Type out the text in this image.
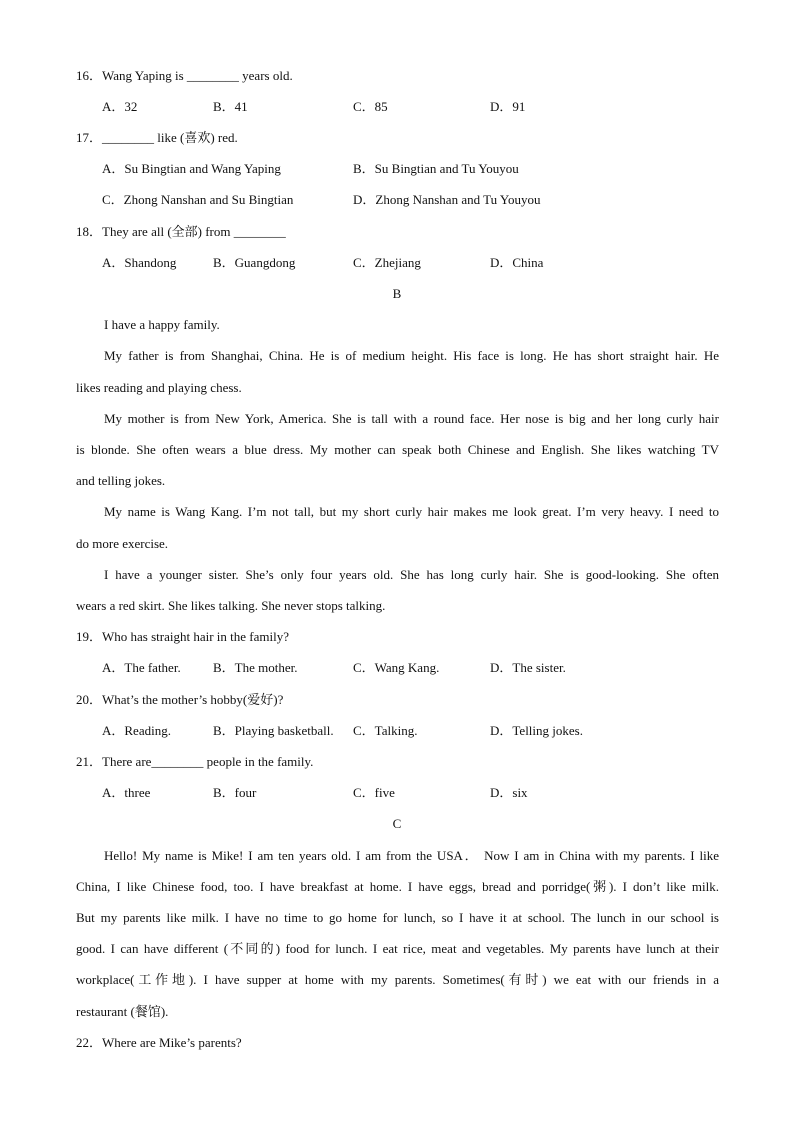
16．Wang Yaping is ________ years old.
A．32	B．41	C．85	D．91
17．________ like (喜欢) red.
A．Su Bingtian and Wang Yaping	B．Su Bingtian and Tu Youyou
C．Zhong Nanshan and Su Bingtian	D．Zhong Nanshan and Tu Youyou
18．They are all (全部) from ________
A．Shandong	B．Guangdong	C．Zhejiang	D．China
B
I have a happy family.
My father is from Shanghai, China. He is of medium height. His face is long. He has short straight hair. He
likes reading and playing chess.
My mother is from New York, America. She is tall with a round face. Her nose is big and her long curly hair
is blonde. She often wears a blue dress. My mother can speak both Chinese and English. She likes watching TV
and telling jokes.
My name is Wang Kang. I’m not tall, but my short curly hair makes me look great. I’m very heavy. I need to
do more exercise.
I have a younger sister. She’s only four years old. She has long curly hair. She is good-looking. She often
wears a red skirt. She likes talking. She never stops talking.
19．Who has straight hair in the family?
A．The father. B．The mother.	C．Wang Kang.	D．The sister.
20．What’s the mother’s hobby(爱好)?
A．Reading.	B．Playing basketball. C．Talking.	D．Telling jokes.
21．There are________ people in the family.
A．three	B．four	C．five	D．six
C
Hello! My name is Mike! I am ten years old. I am from the USA． Now I am in China with my parents. I like
China, I like Chinese food, too. I have breakfast at home. I have eggs, bread and porridge(粥). I don’t like milk.
But my parents like milk. I have no time to go home for lunch, so I have it at school. The lunch in our school is
good. I can have different (不同的) food for lunch. I eat rice, meat and vegetables. My parents have lunch at their
workplace(工作地). I have supper at home with my parents. Sometimes(有时) we eat with our friends in a
restaurant (餐馆).
22．Where are Mike’s parents?
